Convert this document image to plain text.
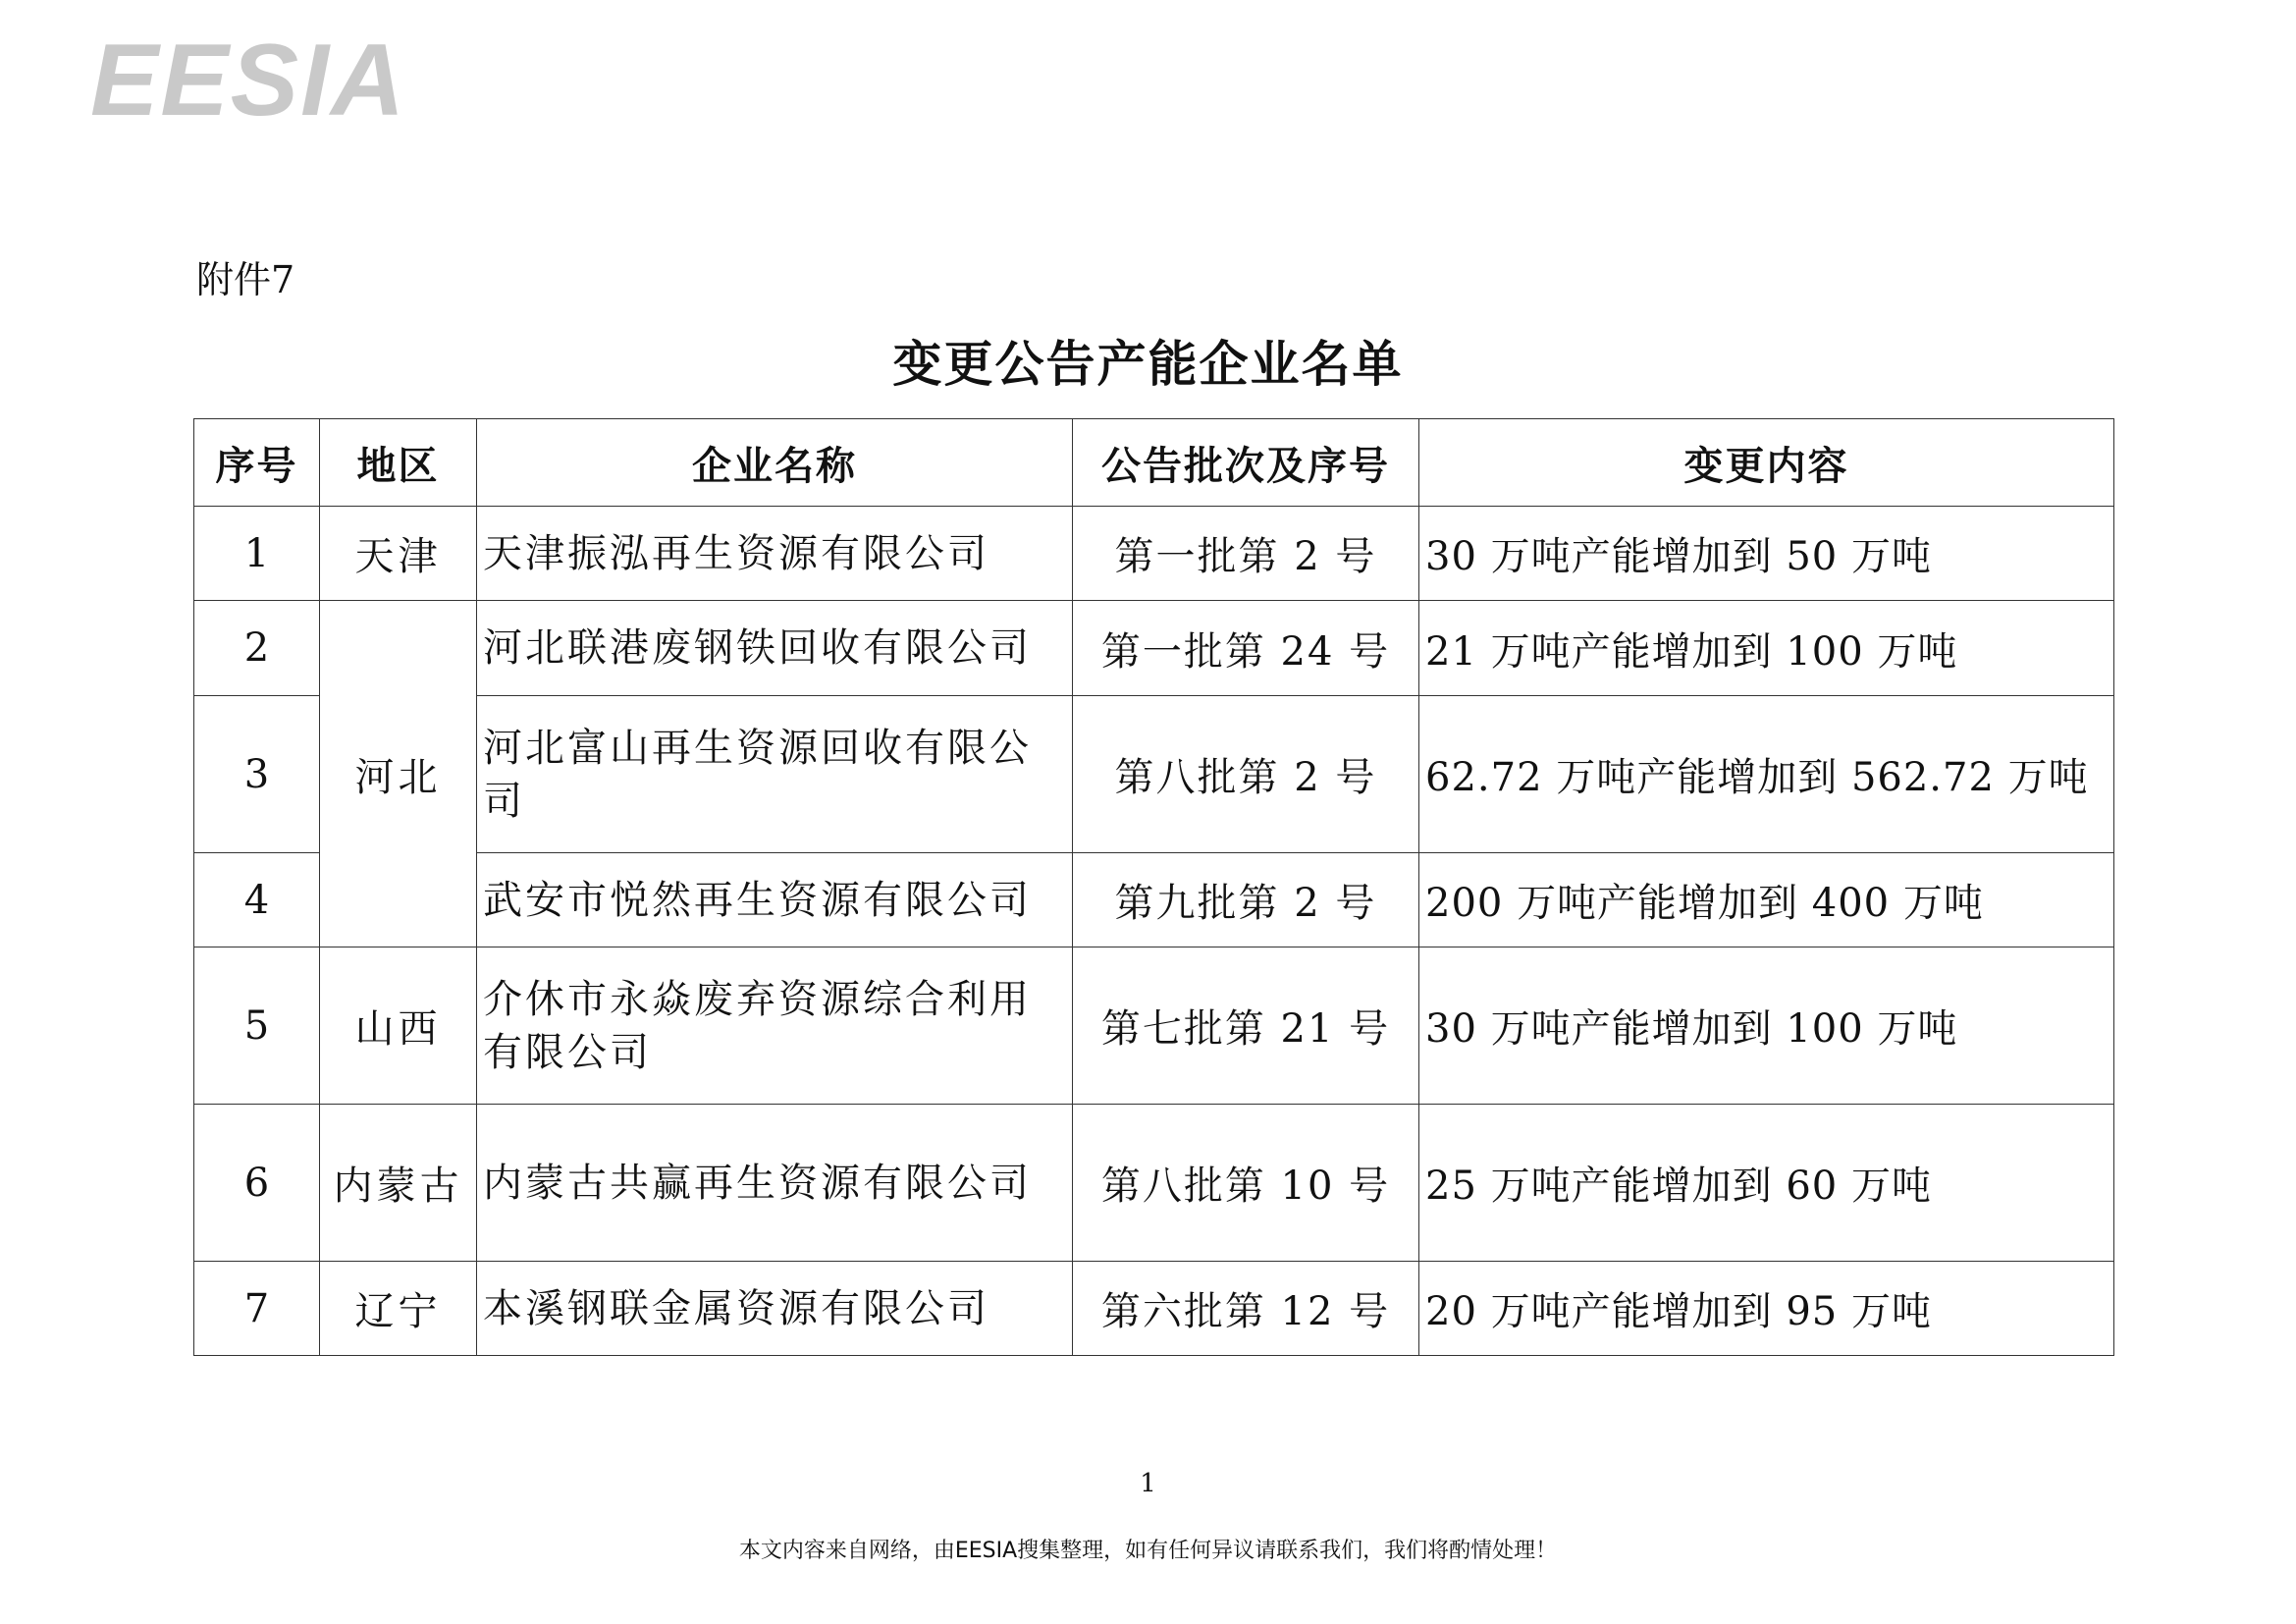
EESIA
附件7
变更公告产能企业名单
序号	地区	企业名称	公告批次及序号	变更内容
1	天津	天津振泓再生资源有限公司	第一批第 2 号	30 万吨产能增加到 50 万吨
2	河北	河北联港废钢铁回收有限公司	第一批第 24 号	21 万吨产能增加到 100 万吨
3		河北富山再生资源回收有限公司	第八批第 2 号	62.72 万吨产能增加到 562.72 万吨
4		武安市悦然再生资源有限公司	第九批第 2 号	200 万吨产能增加到 400 万吨
5	山西	介休市永焱废弃资源综合利用有限公司	第七批第 21 号	30 万吨产能增加到 100 万吨
6	内蒙古	内蒙古共赢再生资源有限公司	第八批第 10 号	25 万吨产能增加到 60 万吨
7	辽宁	本溪钢联金属资源有限公司	第六批第 12 号	20 万吨产能增加到 95 万吨
1
本文内容来自网络，由EESIA搜集整理，如有任何异议请联系我们，我们将酌情处理！
